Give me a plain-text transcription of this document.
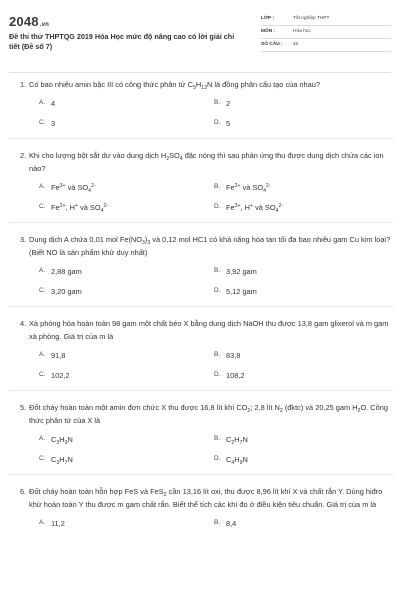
2048.vn
Đề thi thử THPTQG 2019 Hóa Học mức độ nâng cao có lời giải chi tiết (Đề số 7)
LỚP :	Tốt nghiệp THPT
MÔN :	Hóa học
SỐ CÂU : 40
1. Có bao nhiêu amin bậc III có công thức phân tử $C_5H_{13}N$ là đồng phân cấu tạo của nhau?
A. 4	B. 2
C. 3	D. 5
2. Khi cho lượng bột sắt dư vào dung dịch $H_2SO_4$ đặc nóng thì sau phản ứng thu được dung dịch chứa các ion nào?
A. $Fe^{3+}$ và $SO_4^{2-}$	B. $Fe^{2+}$ và $SO_4^{2-}$
C. $Fe^{2+}$, H+ và $SO_4^{2-}$	D. $Fe^{3+}$, H+ và $SO_4^{2-}$
3. Dung dịch A chứa 0,01 mol $Fe(NO_3)_3$ và 0,12 mol HC1 có khả năng hòa tan tối đa bao nhiêu gam Cu kim loại? (Biết NO là sản phẩm khử duy nhất)
A. 2,88 gam	B. 3,92 gam
C. 3,20 gam	D. 5,12 gam
4. Xà phòng hóa hoàn toàn 98 gam một chất béo X bằng dung dịch NaOH thu được 13,8 gam glixerol và m gam xà phòng. Giá trị của m là
A. 91,8	B. 83,8
C. 102,2	D. 108,2
5. Đốt cháy hoàn toàn một amin đơn chức X thu được 16,8 lít khí $CO_2$; 2,8 lít $N_2$ (đktc) và 20,25 gam $H_2O$. Công thức phân tử của X là
A. $C_3H_9N$	B. $C_2H_7N$
C. $C_3H_7N$	D. $C_4H_9N$
6. Đốt cháy hoàn toàn hỗn hợp FeS và FeS$_2$ cần 13,16 lít oxi, thu được 8,96 lít khí X và chất rắn Y. Dùng hiđro khử hoàn toàn Y thu được m gam chất rắn. Biết thể tích các khí đo ở điều kiện tiêu chuẩn. Giá trị của m là
A. 11,2	B. 8,4
